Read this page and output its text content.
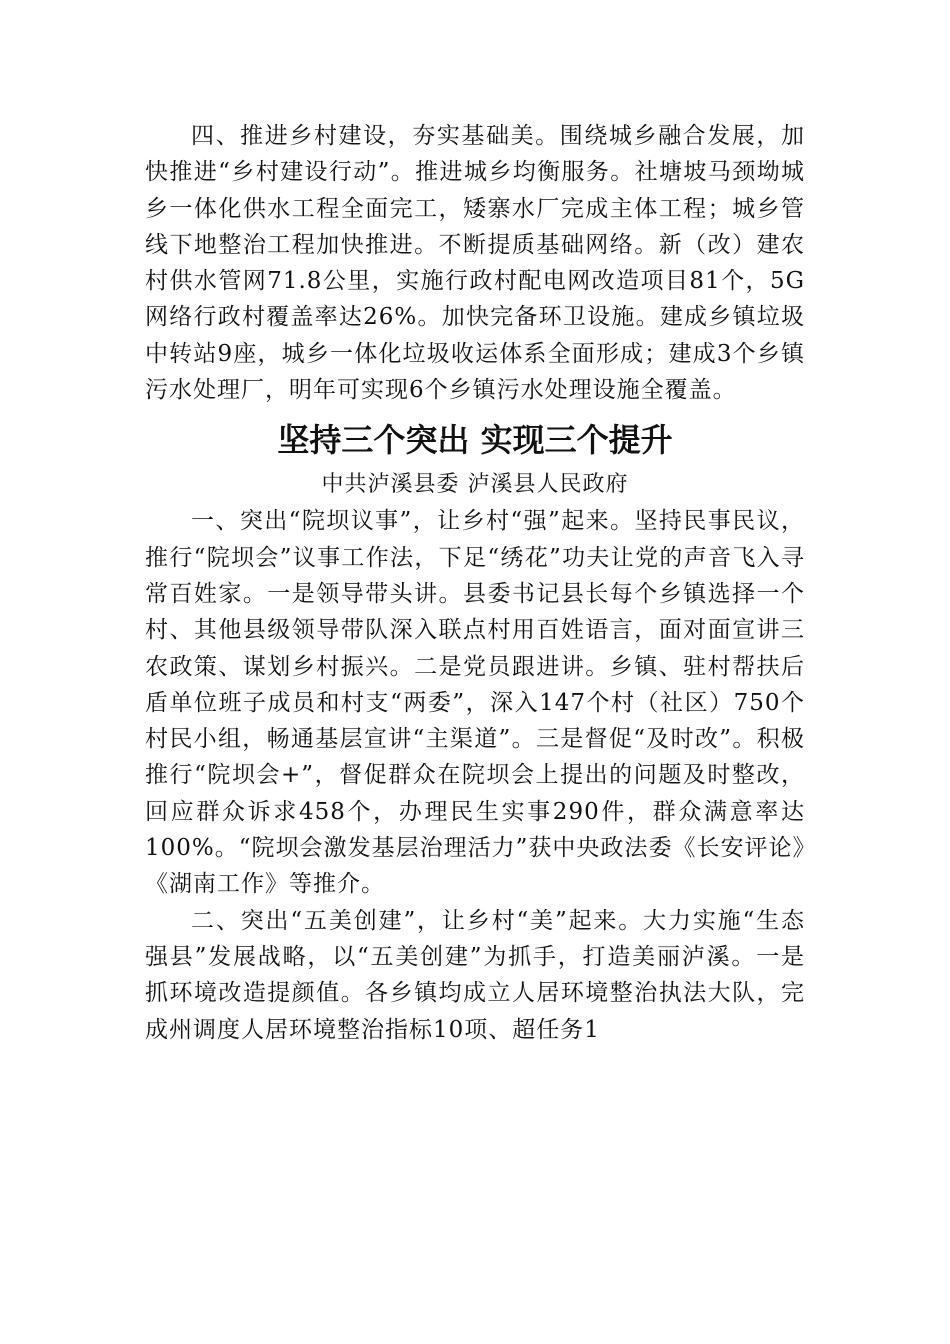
四、推进乡村建设，夯实基础美。围绕城乡融合发展，加快推进“乡村建设行动”。推进城乡均衡服务。社塘坡马颈坳城乡一体化供水工程全面完工，矮寨水厂完成主体工程；城乡管线下地整治工程加快推进。不断提质基础网络。新（改）建农村供水管网71.8公里，实施行政村配电网改造项目81个，5G网络行政村覆盖率达26%。加快完备环卫设施。建成乡镇垃圾中转站9座，城乡一体化垃圾收运体系全面形成；建成3个乡镇污水处理厂，明年可实现6个乡镇污水处理设施全覆盖。

坚持三个突出 实现三个提升
中共泸溪县委 泸溪县人民政府

一、突出“院坝议事”，让乡村“强”起来。坚持民事民议，推行“院坝会”议事工作法，下足“绣花”功夫让党的声音飞入寻常百姓家。一是领导带头讲。县委书记县长每个乡镇选择一个村、其他县级领导带队深入联点村用百姓语言，面对面宣讲三农政策、谋划乡村振兴。二是党员跟进讲。乡镇、驻村帮扶后盾单位班子成员和村支“两委”，深入147个村（社区）750个村民小组，畅通基层宣讲“主渠道”。三是督促“及时改”。积极推行“院坝会+”，督促群众在院坝会上提出的问题及时整改，回应群众诉求458个，办理民生实事290件，群众满意率达100%。“院坝会激发基层治理活力”获中央政法委《长安评论》《湖南工作》等推介。

二、突出“五美创建”，让乡村“美”起来。大力实施“生态强县”发展战略，以“五美创建”为抓手，打造美丽泸溪。一是抓环境改造提颜值。各乡镇均成立人居环境整治执法大队，完成州调度人居环境整治指标10项、超任务1
